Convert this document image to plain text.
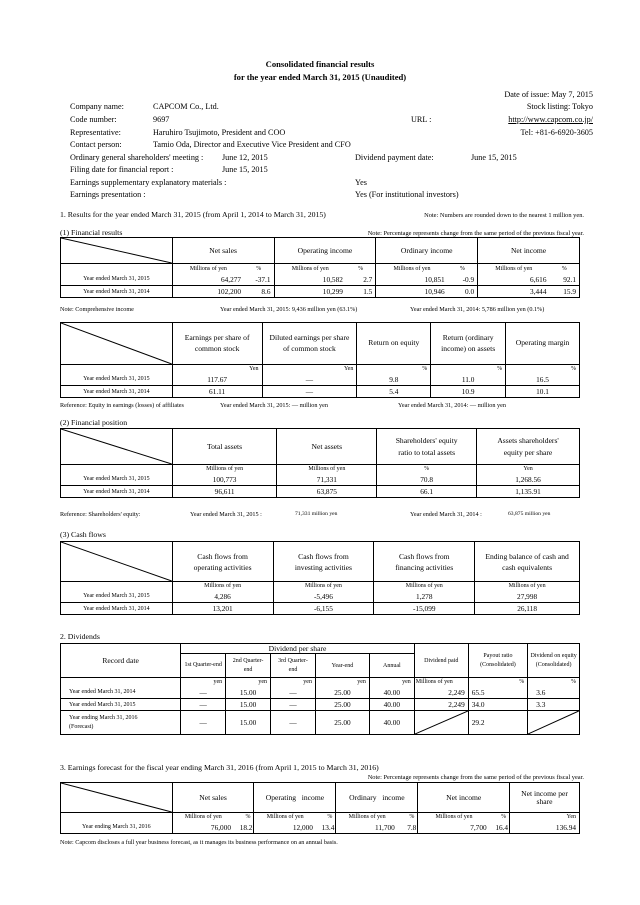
Consolidated financial results
for the year ended March 31, 2015 (Unaudited)
Date of issue: May 7, 2015
Company name:	CAPCOM Co., Ltd.	Stock listing: Tokyo
Code number:	9697	URL :	http://www.capcom.co.jp/
Representative:	Haruhiro Tsujimoto, President and COO	Tel: +81-6-6920-3605
Contact person:	Tamio Oda, Director and Executive Vice President and CFO
Ordinary general shareholders' meeting : June 12, 2015	Dividend payment date:	June 15, 2015
Filing date for financial report :	June 15, 2015
Earnings supplementary explanatory materials :	Yes
Earnings presentation :	Yes (For institutional investors)
1. Results for the year ended March 31, 2015 (from April 1, 2014 to March 31, 2015)	Note: Numbers are rounded down to the nearest 1 million yen.
(1) Financial results	Note: Percentage represents change from the same period of the previous fiscal year.
	Net sales		Operating income		Ordinary income		Net income	
	Millions of yen	%	Millions of yen	%	Millions of yen	%	Millions of yen	%
Year ended March 31, 2015	64,277	-37.1	10,582	2.7	10,851	-0.9	6,616	92.1
Year ended March 31, 2014	102,200	8.6	10,299	1.5	10,946	0.0	3,444	15.9
Note: Comprehensive income	Year ended March 31, 2015: 9,436 million yen (63.1%)	Year ended March 31, 2014: 5,786 million yen (0.1%)
	Earnings per share of common stock	Diluted earnings per share of common stock	Return on equity	Return (ordinary income) on assets	Operating margin
	Yen	Yen	%	%	%
Year ended March 31, 2015	117.67	—	9.8	11.0	16.5
Year ended March 31, 2014	61.11	—	5.4	10.9	10.1
Reference: Equity in earnings (losses) of affiliates	Year ended March 31, 2015: — million yen	Year ended March 31, 2014: — million yen
(2) Financial position
	Total assets	Net assets	Shareholders' equity ratio to total assets	Assets shareholders' equity per share
	Millions of yen	Millions of yen	%	Yen
Year ended March 31, 2015	100,773	71,331	70.8	1,268.56
Year ended March 31, 2014	96,611	63,875	66.1	1,135.91
Reference: Shareholders' equity:	Year ended March 31, 2015 :	71,331 million yen	Year ended March 31, 2014 :	63,875 million yen
(3) Cash flows
	Cash flows from operating activities	Cash flows from investing activities	Cash flows from financing activities	Ending balance of cash and cash equivalents
	Millions of yen	Millions of yen	Millions of yen	Millions of yen
Year ended March 31, 2015	4,286	-5,496	1,278	27,998
Year ended March 31, 2014	13,201	-6,155	-15,099	26,118
2. Dividends
Record date	Dividend per share					Dividend paid	Payout ratio (Consolidated)	Dividend on equity (Consolidated)
	1st Quarter-end	2nd Quarter-end	3rd Quarter-end	Year-end	Annual			
	yen	yen	yen	yen	yen	Millions of yen	%	%
Year ended March 31, 2014	—	15.00	—	25.00	40.00	2,249	65.5	3.6
Year ended March 31, 2015	—	15.00	—	25.00	40.00	2,249	34.0	3.3
Year ending March 31, 2016
(Forecast)	—	15.00	—	25.00	40.00		29.2	
3. Earnings forecast for the fiscal year ending March 31, 2016 (from April 1, 2015 to March 31, 2016)
Note: Percentage represents change from the same period of the previous fiscal year.
	Net sales		Operating   income		Ordinary   income		Net income		Net income per share
	Millions of yen	%	Millions of yen	%	Millions of yen	%	Millions of yen	%	Yen
Year ending March 31, 2016	76,000	18.2	12,000	13.4	11,700	7.8	7,700	16.4	136.94
Note: Capcom discloses a full year business forecast, as it manages its business performance on an annual basis.
